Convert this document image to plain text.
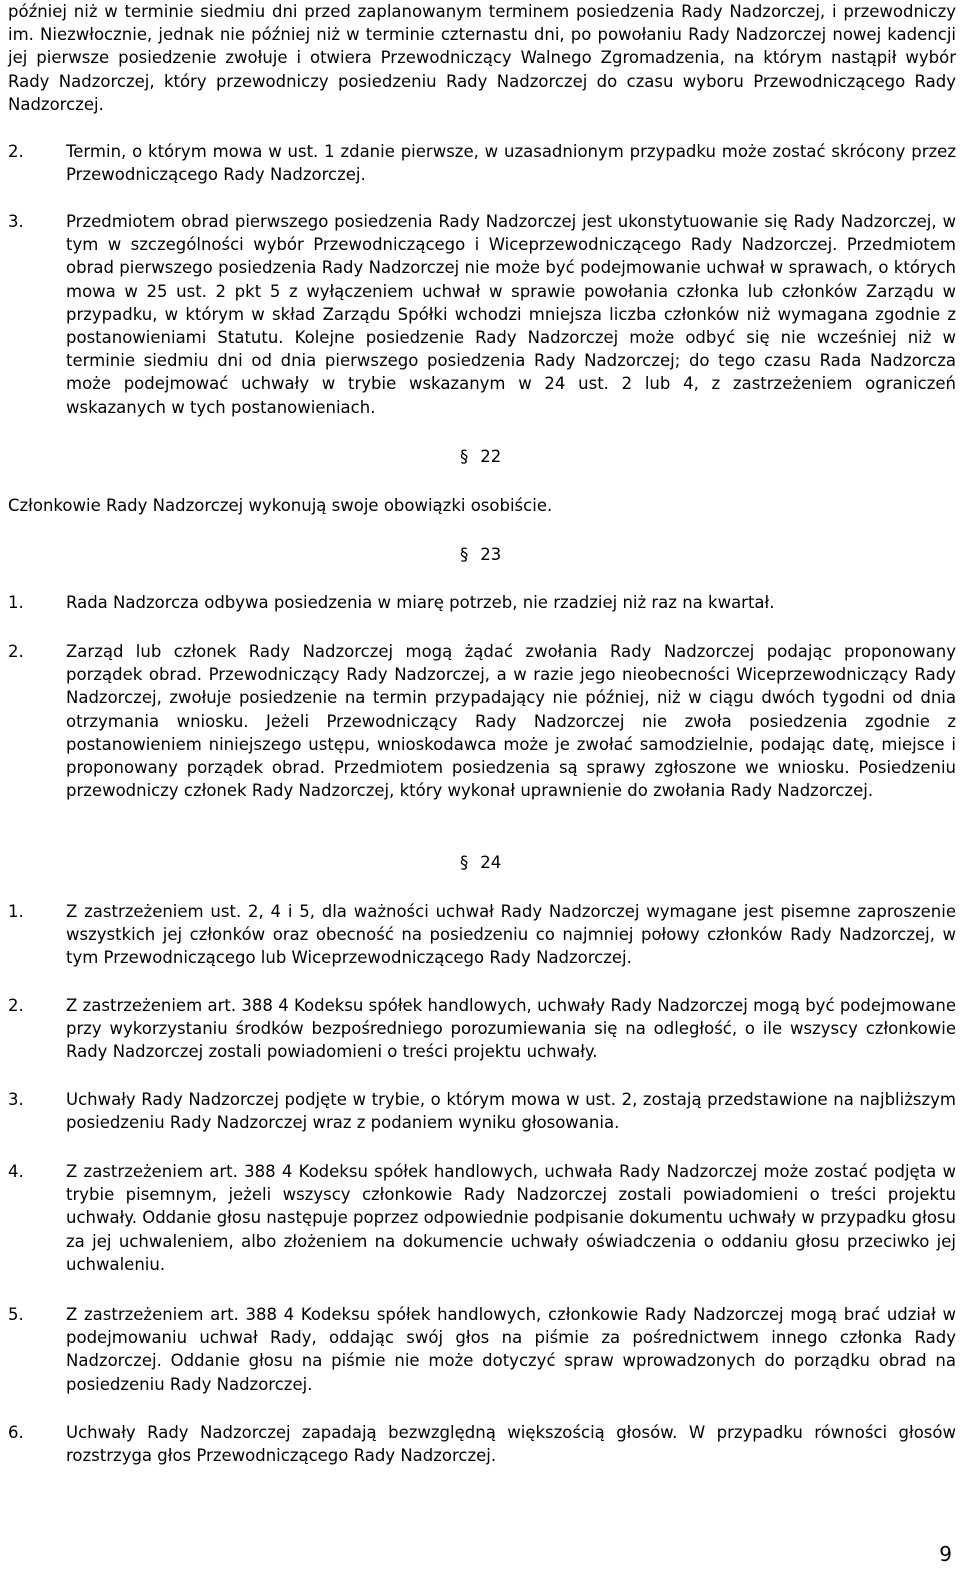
później niż w terminie siedmiu dni przed zaplanowanym terminem posiedzenia Rady Nadzorczej, i przewodniczy im. Niezwłocznie, jednak nie później niż w terminie czternastu dni, po powołaniu Rady Nadzorczej nowej kadencji jej pierwsze posiedzenie zwołuje i otwiera Przewodniczący Walnego Zgromadzenia, na którym nastąpił wybór Rady Nadzorczej, który przewodniczy posiedzeniu Rady Nadzorczej do czasu wyboru Przewodniczącego Rady Nadzorczej.

2.	Termin, o którym mowa w ust. 1 zdanie pierwsze, w uzasadnionym przypadku może zostać skrócony przez Przewodniczącego Rady Nadzorczej.
3.	Przedmiotem obrad pierwszego posiedzenia Rady Nadzorczej jest ukonstytuowanie się Rady Nadzorczej, w tym w szczególności wybór Przewodniczącego i Wiceprzewodniczącego Rady Nadzorczej. Przedmiotem obrad pierwszego posiedzenia Rady Nadzorczej nie może być podejmowanie uchwał w sprawach, o których mowa w 25 ust. 2 pkt 5 z wyłączeniem uchwał w sprawie powołania członka lub członków Zarządu w przypadku, w którym w skład Zarządu Spółki wchodzi mniejsza liczba członków niż wymagana zgodnie z postanowieniami Statutu. Kolejne posiedzenie Rady Nadzorczej może odbyć się nie wcześniej niż w terminie siedmiu dni od dnia pierwszego posiedzenia Rady Nadzorczej; do tego czasu Rada Nadzorcza może podejmować uchwały w trybie wskazanym w 24 ust. 2 lub 4, z zastrzeżeniem ograniczeń wskazanych w tych postanowieniach.
§ 22

Członkowie Rady Nadzorczej wykonują swoje obowiązki osobiście.

§ 23
1.	Rada Nadzorcza odbywa posiedzenia w miarę potrzeb, nie rzadziej niż raz na kwartał.
2.	Zarząd lub członek Rady Nadzorczej mogą żądać zwołania Rady Nadzorczej podając proponowany porządek obrad. Przewodniczący Rady Nadzorczej, a w razie jego nieobecności Wiceprzewodniczący Rady Nadzorczej, zwołuje posiedzenie na termin przypadający nie później, niż w ciągu dwóch tygodni od dnia otrzymania wniosku. Jeżeli Przewodniczący Rady Nadzorczej nie zwoła posiedzenia zgodnie z postanowieniem niniejszego ustępu, wnioskodawca może je zwołać samodzielnie, podając datę, miejsce i proponowany porządek obrad. Przedmiotem posiedzenia są sprawy zgłoszone we wniosku. Posiedzeniu przewodniczy członek Rady Nadzorczej, który wykonał uprawnienie do zwołania Rady Nadzorczej.
§ 24
1.	Z zastrzeżeniem ust. 2, 4 i 5, dla ważności uchwał Rady Nadzorczej wymagane jest pisemne zaproszenie wszystkich jej członków oraz obecność na posiedzeniu co najmniej połowy członków Rady Nadzorczej, w tym Przewodniczącego lub Wiceprzewodniczącego Rady Nadzorczej.
2.	Z zastrzeżeniem art. 388 4 Kodeksu spółek handlowych, uchwały Rady Nadzorczej mogą być podejmowane przy wykorzystaniu środków bezpośredniego porozumiewania się na odległość, o ile wszyscy członkowie Rady Nadzorczej zostali powiadomieni o treści projektu uchwały.
3.	Uchwały Rady Nadzorczej podjęte w trybie, o którym mowa w ust. 2, zostają przedstawione na najbliższym posiedzeniu Rady Nadzorczej wraz z podaniem wyniku głosowania.
4.	Z zastrzeżeniem art. 388 4 Kodeksu spółek handlowych, uchwała Rady Nadzorczej może zostać podjęta w trybie pisemnym, jeżeli wszyscy członkowie Rady Nadzorczej zostali powiadomieni o treści projektu uchwały. Oddanie głosu następuje poprzez odpowiednie podpisanie dokumentu uchwały w przypadku głosu za jej uchwaleniem, albo złożeniem na dokumencie uchwały oświadczenia o oddaniu głosu przeciwko jej uchwaleniu.
5.	Z zastrzeżeniem art. 388 4 Kodeksu spółek handlowych, członkowie Rady Nadzorczej mogą brać udział w podejmowaniu uchwał Rady, oddając swój głos na piśmie za pośrednictwem innego członka Rady Nadzorczej. Oddanie głosu na piśmie nie może dotyczyć spraw wprowadzonych do porządku obrad na posiedzeniu Rady Nadzorczej.
6.	Uchwały Rady Nadzorczej zapadają bezwzględną większością głosów. W przypadku równości głosów rozstrzyga głos Przewodniczącego Rady Nadzorczej.
9
